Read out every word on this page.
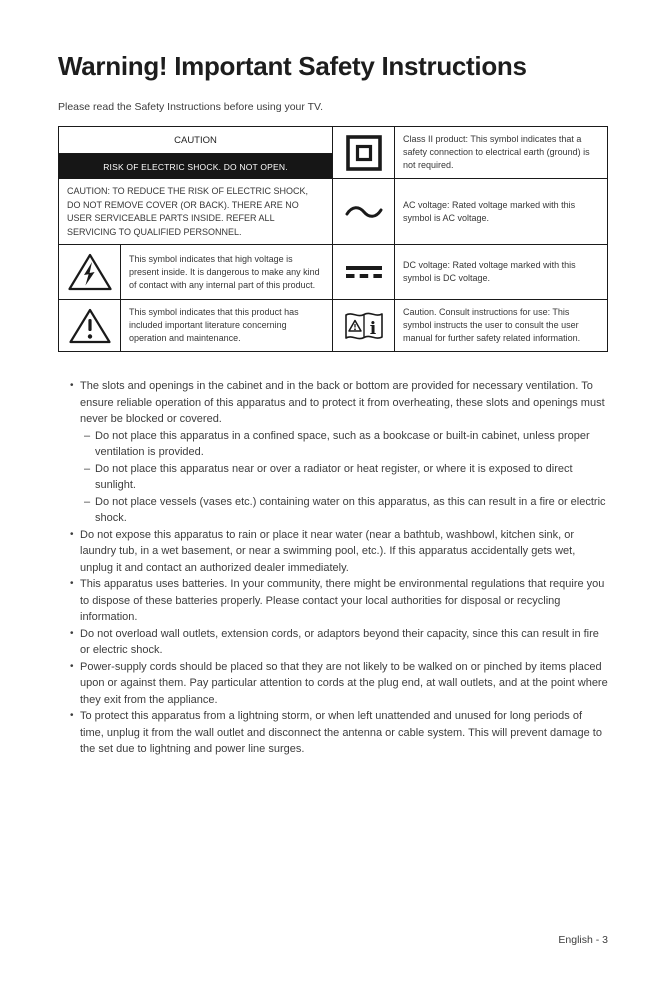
Warning! Important Safety Instructions

Please read the Safety Instructions before using your TV.

CAUTION
RISK OF ELECTRIC SHOCK. DO NOT OPEN.
CAUTION: TO REDUCE THE RISK OF ELECTRIC SHOCK, DO NOT REMOVE COVER (OR BACK). THERE ARE NO USER SERVICEABLE PARTS INSIDE. REFER ALL SERVICING TO QUALIFIED PERSONNEL.
This symbol indicates that high voltage is present inside. It is dangerous to make any kind of contact with any internal part of this product.
This symbol indicates that this product has included important literature concerning operation and maintenance.
Class II product: This symbol indicates that a safety connection to electrical earth (ground) is not required.
AC voltage: Rated voltage marked with this symbol is AC voltage.
DC voltage: Rated voltage marked with this symbol is DC voltage.
i
Caution. Consult instructions for use: This symbol instructs the user to consult the user manual for further safety related information.
• The slots and openings in the cabinet and in the back or bottom are provided for necessary ventilation. To ensure reliable operation of this apparatus and to protect it from overheating, these slots and openings must never be blocked or covered.
– Do not place this apparatus in a confined space, such as a bookcase or built-in cabinet, unless proper ventilation is provided.
– Do not place this apparatus near or over a radiator or heat register, or where it is exposed to direct sunlight.
– Do not place vessels (vases etc.) containing water on this apparatus, as this can result in a fire or electric shock.
• Do not expose this apparatus to rain or place it near water (near a bathtub, washbowl, kitchen sink, or laundry tub, in a wet basement, or near a swimming pool, etc.). If this apparatus accidentally gets wet, unplug it and contact an authorized dealer immediately.
• This apparatus uses batteries. In your community, there might be environmental regulations that require you to dispose of these batteries properly. Please contact your local authorities for disposal or recycling information.
• Do not overload wall outlets, extension cords, or adaptors beyond their capacity, since this can result in fire or electric shock.
• Power-supply cords should be placed so that they are not likely to be walked on or pinched by items placed upon or against them. Pay particular attention to cords at the plug end, at wall outlets, and at the point where they exit from the appliance.
• To protect this apparatus from a lightning storm, or when left unattended and unused for long periods of time, unplug it from the wall outlet and disconnect the antenna or cable system. This will prevent damage to the set due to lightning and power line surges.
English - 3
